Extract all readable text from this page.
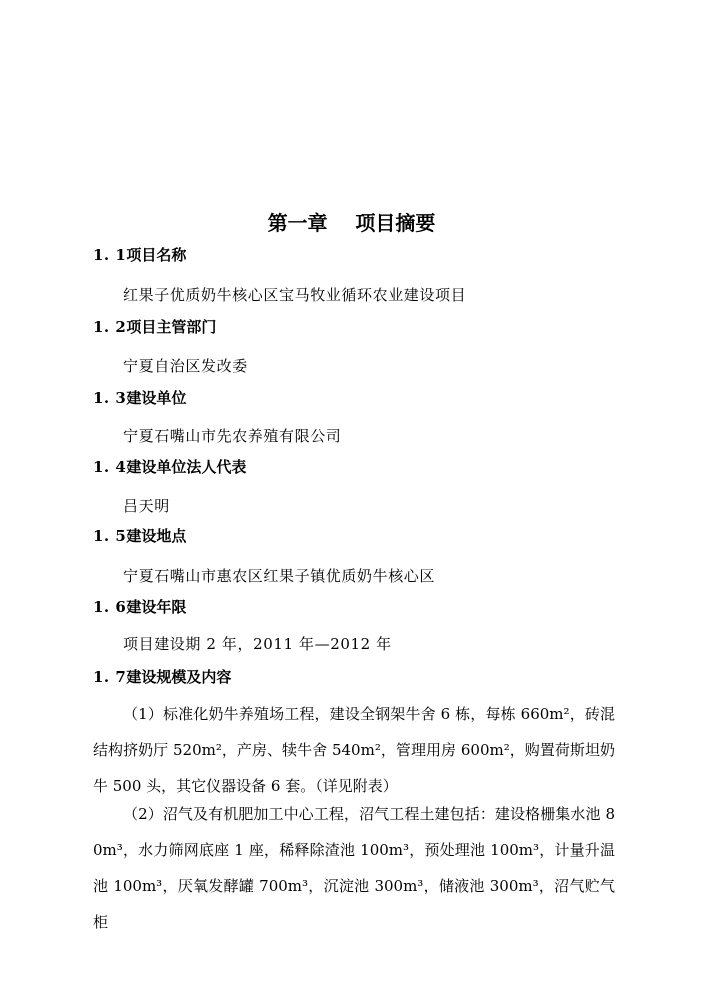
第一章    项目摘要
1. 1项目名称
红果子优质奶牛核心区宝马牧业循环农业建设项目
1. 2项目主管部门
宁夏自治区发改委
1. 3建设单位
宁夏石嘴山市先农养殖有限公司
1. 4建设单位法人代表
吕天明
1. 5建设地点
宁夏石嘴山市惠农区红果子镇优质奶牛核心区
1. 6建设年限
项目建设期 2 年，2011 年—2012 年
1. 7建设规模及内容
（1）标准化奶牛养殖场工程，建设全钢架牛舍 6 栋，每栋 660m²，砖混结构挤奶厅 520m²，产房、犊牛舍 540m²，管理用房 600m²，购置荷斯坦奶牛 500 头，其它仪器设备 6 套。（详见附表）
（2）沼气及有机肥加工中心工程，沼气工程土建包括：建设格栅集水池 80m³，水力筛网底座 1 座，稀释除渣池 100m³，预处理池 100m³，计量升温池 100m³，厌氧发酵罐 700m³，沉淀池 300m³，储液池 300m³，沼气贮气柜
